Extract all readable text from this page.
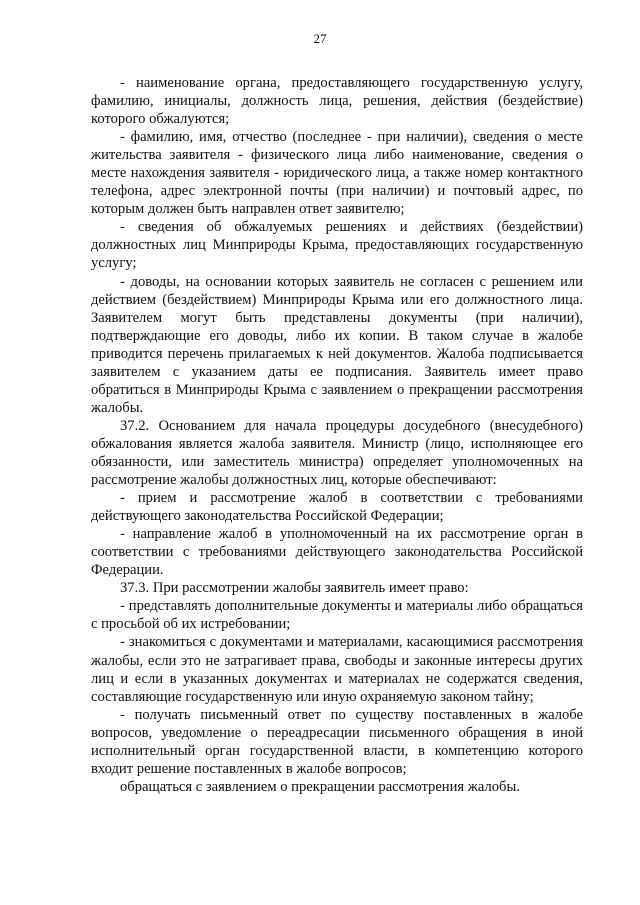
27

- наименование органа, предоставляющего государственную услугу, фамилию, инициалы, должность лица, решения, действия (бездействие) которого обжалуются;

- фамилию, имя, отчество (последнее - при наличии), сведения о месте жительства заявителя - физического лица либо наименование, сведения о месте нахождения заявителя - юридического лица, а также номер контактного телефона, адрес электронной почты (при наличии) и почтовый адрес, по которым должен быть направлен ответ заявителю;

- сведения об обжалуемых решениях и действиях (бездействии) должностных лиц Минприроды Крыма, предоставляющих государственную услугу;

- доводы, на основании которых заявитель не согласен с решением или действием (бездействием) Минприроды Крыма или его должностного лица. Заявителем могут быть представлены документы (при наличии), подтверждающие его доводы, либо их копии. В таком случае в жалобе приводится перечень прилагаемых к ней документов. Жалоба подписывается заявителем с указанием даты ее подписания. Заявитель имеет право обратиться в Минприроды Крыма с заявлением о прекращении рассмотрения жалобы.

37.2. Основанием для начала процедуры досудебного (внесудебного) обжалования является жалоба заявителя. Министр (лицо, исполняющее его обязанности, или заместитель министра) определяет уполномоченных на рассмотрение жалобы должностных лиц, которые обеспечивают:

- прием и рассмотрение жалоб в соответствии с требованиями действующего законодательства Российской Федерации;

- направление жалоб в уполномоченный на их рассмотрение орган в соответствии с требованиями действующего законодательства Российской Федерации.

37.3. При рассмотрении жалобы заявитель имеет право:

- представлять дополнительные документы и материалы либо обращаться с просьбой об их истребовании;

- знакомиться с документами и материалами, касающимися рассмотрения жалобы, если это не затрагивает права, свободы и законные интересы других лиц и если в указанных документах и материалах не содержатся сведения, составляющие государственную или иную охраняемую законом тайну;

- получать письменный ответ по существу поставленных в жалобе вопросов, уведомление о переадресации письменного обращения в иной исполнительный орган государственной власти, в компетенцию которого входит решение поставленных в жалобе вопросов;

обращаться с заявлением о прекращении рассмотрения жалобы.
